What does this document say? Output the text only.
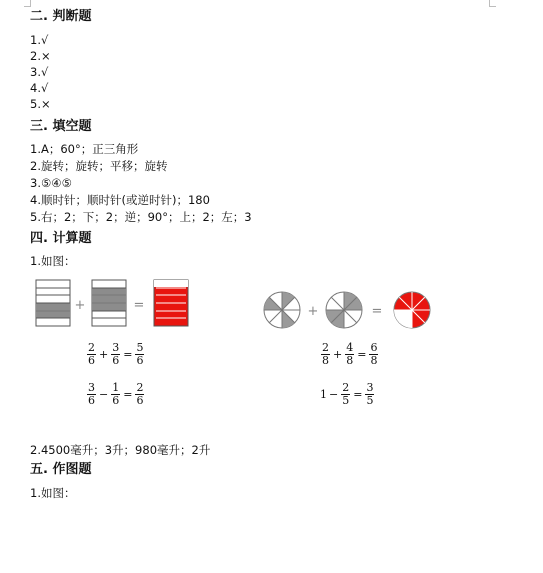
二. 判断题
1.√
2.×
3.√
4.√
5.×
三. 填空题
1.A；60°；正三角形
2.旋转；旋转；平移；旋转
3.⑤④⑤
4.顺时针；顺时针(或逆时针)；180
5.右；2；下；2；逆；90°；上；2；左；3
四. 计算题
1.如图：
+	=	+	=
$\frac{2}{6} + \frac{3}{6} = \frac{5}{6}$
$\frac{3}{6} - \frac{1}{6} = \frac{2}{6}$
$\frac{2}{8} + \frac{4}{8} = \frac{6}{8}$
$1 - \frac{2}{5} = \frac{3}{5}$
2.4500毫升；3升；980毫升；2升
五. 作图题
1.如图：
